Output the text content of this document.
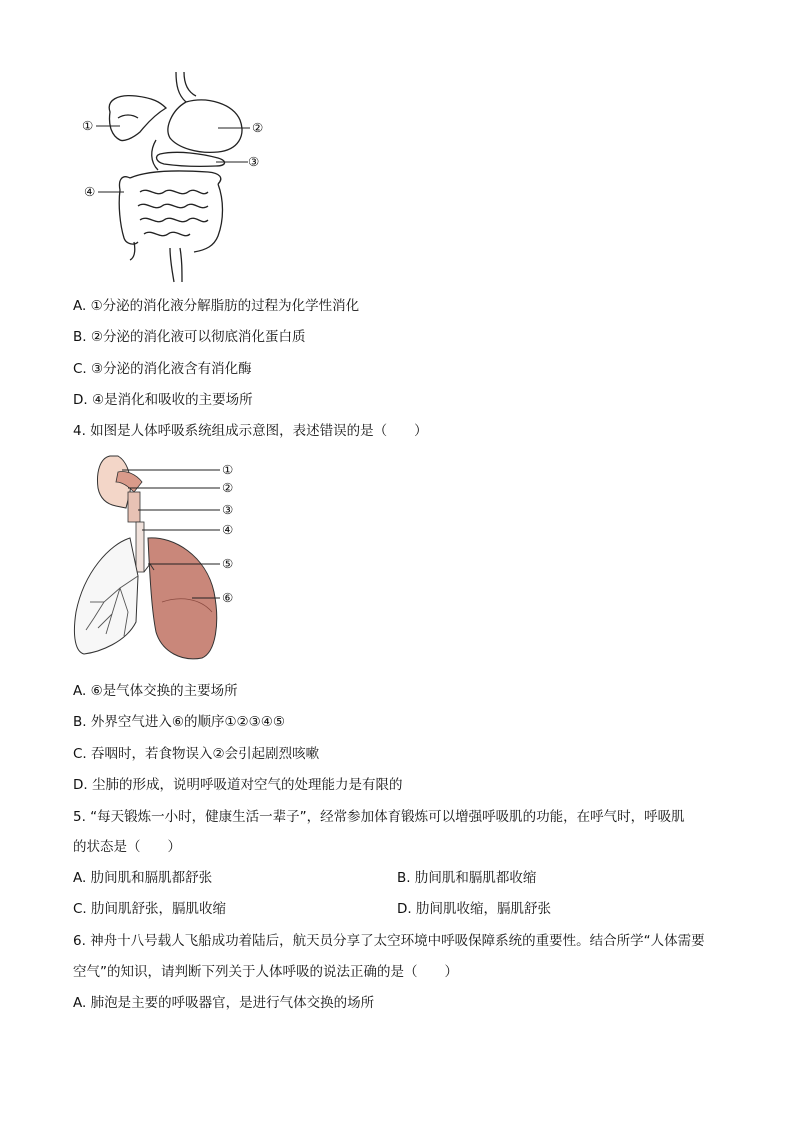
①	②
③
④
A. ①分泌的消化液分解脂肪的过程为化学性消化
B. ②分泌的消化液可以彻底消化蛋白质
C. ③分泌的消化液含有消化酶
D. ④是消化和吸收的主要场所
4. 如图是人体呼吸系统组成示意图，表述错误的是（　　）
①
②
③
④
⑤
⑥
A. ⑥是气体交换的主要场所
B. 外界空气进入⑥的顺序①②③④⑤
C. 吞咽时，若食物误入②会引起剧烈咳嗽
D. 尘肺的形成，说明呼吸道对空气的处理能力是有限的
5. “每天锻炼一小时，健康生活一辈子”，经常参加体育锻炼可以增强呼吸肌的功能，在呼气时，呼吸肌
的状态是（　　）
A. 肋间肌和膈肌都舒张	B. 肋间肌和膈肌都收缩
C. 肋间肌舒张，膈肌收缩	D. 肋间肌收缩，膈肌舒张
6. 神舟十八号载人飞船成功着陆后，航天员分享了太空环境中呼吸保障系统的重要性。结合所学“人体需要
空气”的知识，请判断下列关于人体呼吸的说法正确的是（　　）
A. 肺泡是主要的呼吸器官，是进行气体交换的场所
